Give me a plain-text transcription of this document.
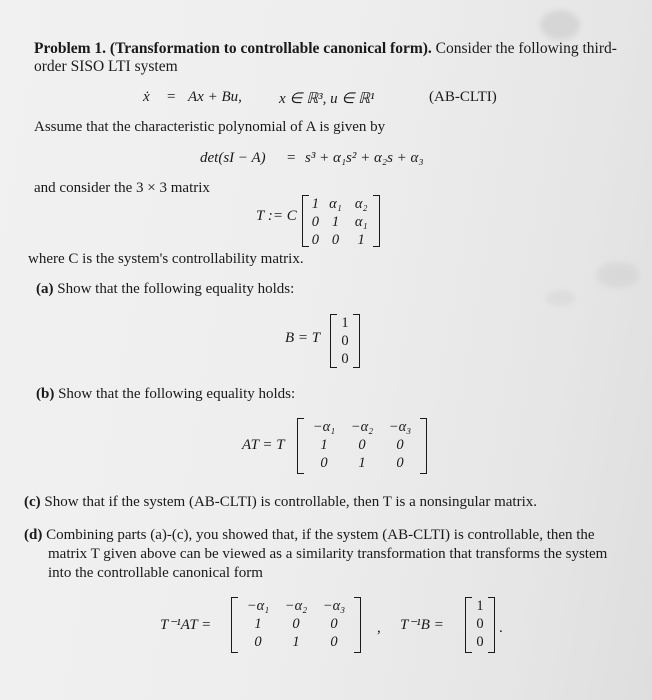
Problem 1. (Transformation to controllable canonical form). Consider the following third-
order SISO LTI system
ẋ = Ax + Bu, x ∈ ℝ³, u ∈ ℝ¹	(AB-CLTI)
Assume that the characteristic polynomial of A is given by
det(sI − A) = s³ + α₁s² + α₂s + α₃
and consider the 3 × 3 matrix
T := C
1	α₁	α₂
0	1	α₁
0	0	1
where C is the system's controllability matrix.
(a) Show that the following equality holds:
B = T
1
0
0
(b) Show that the following equality holds:
AT = T
−α₁	−α₂	−α₃
1	0	0
0	1	0
(c) Show that if the system (AB-CLTI) is controllable, then T is a nonsingular matrix.
(d) Combining parts (a)-(c), you showed that, if the system (AB-CLTI) is controllable, then the
matrix T given above can be viewed as a similarity transformation that transforms the system
into the controllable canonical form
T⁻¹AT =
−α₁	−α₂	−α₃
1	0	0
0	1	0
, T⁻¹B =
1
0
0
.
